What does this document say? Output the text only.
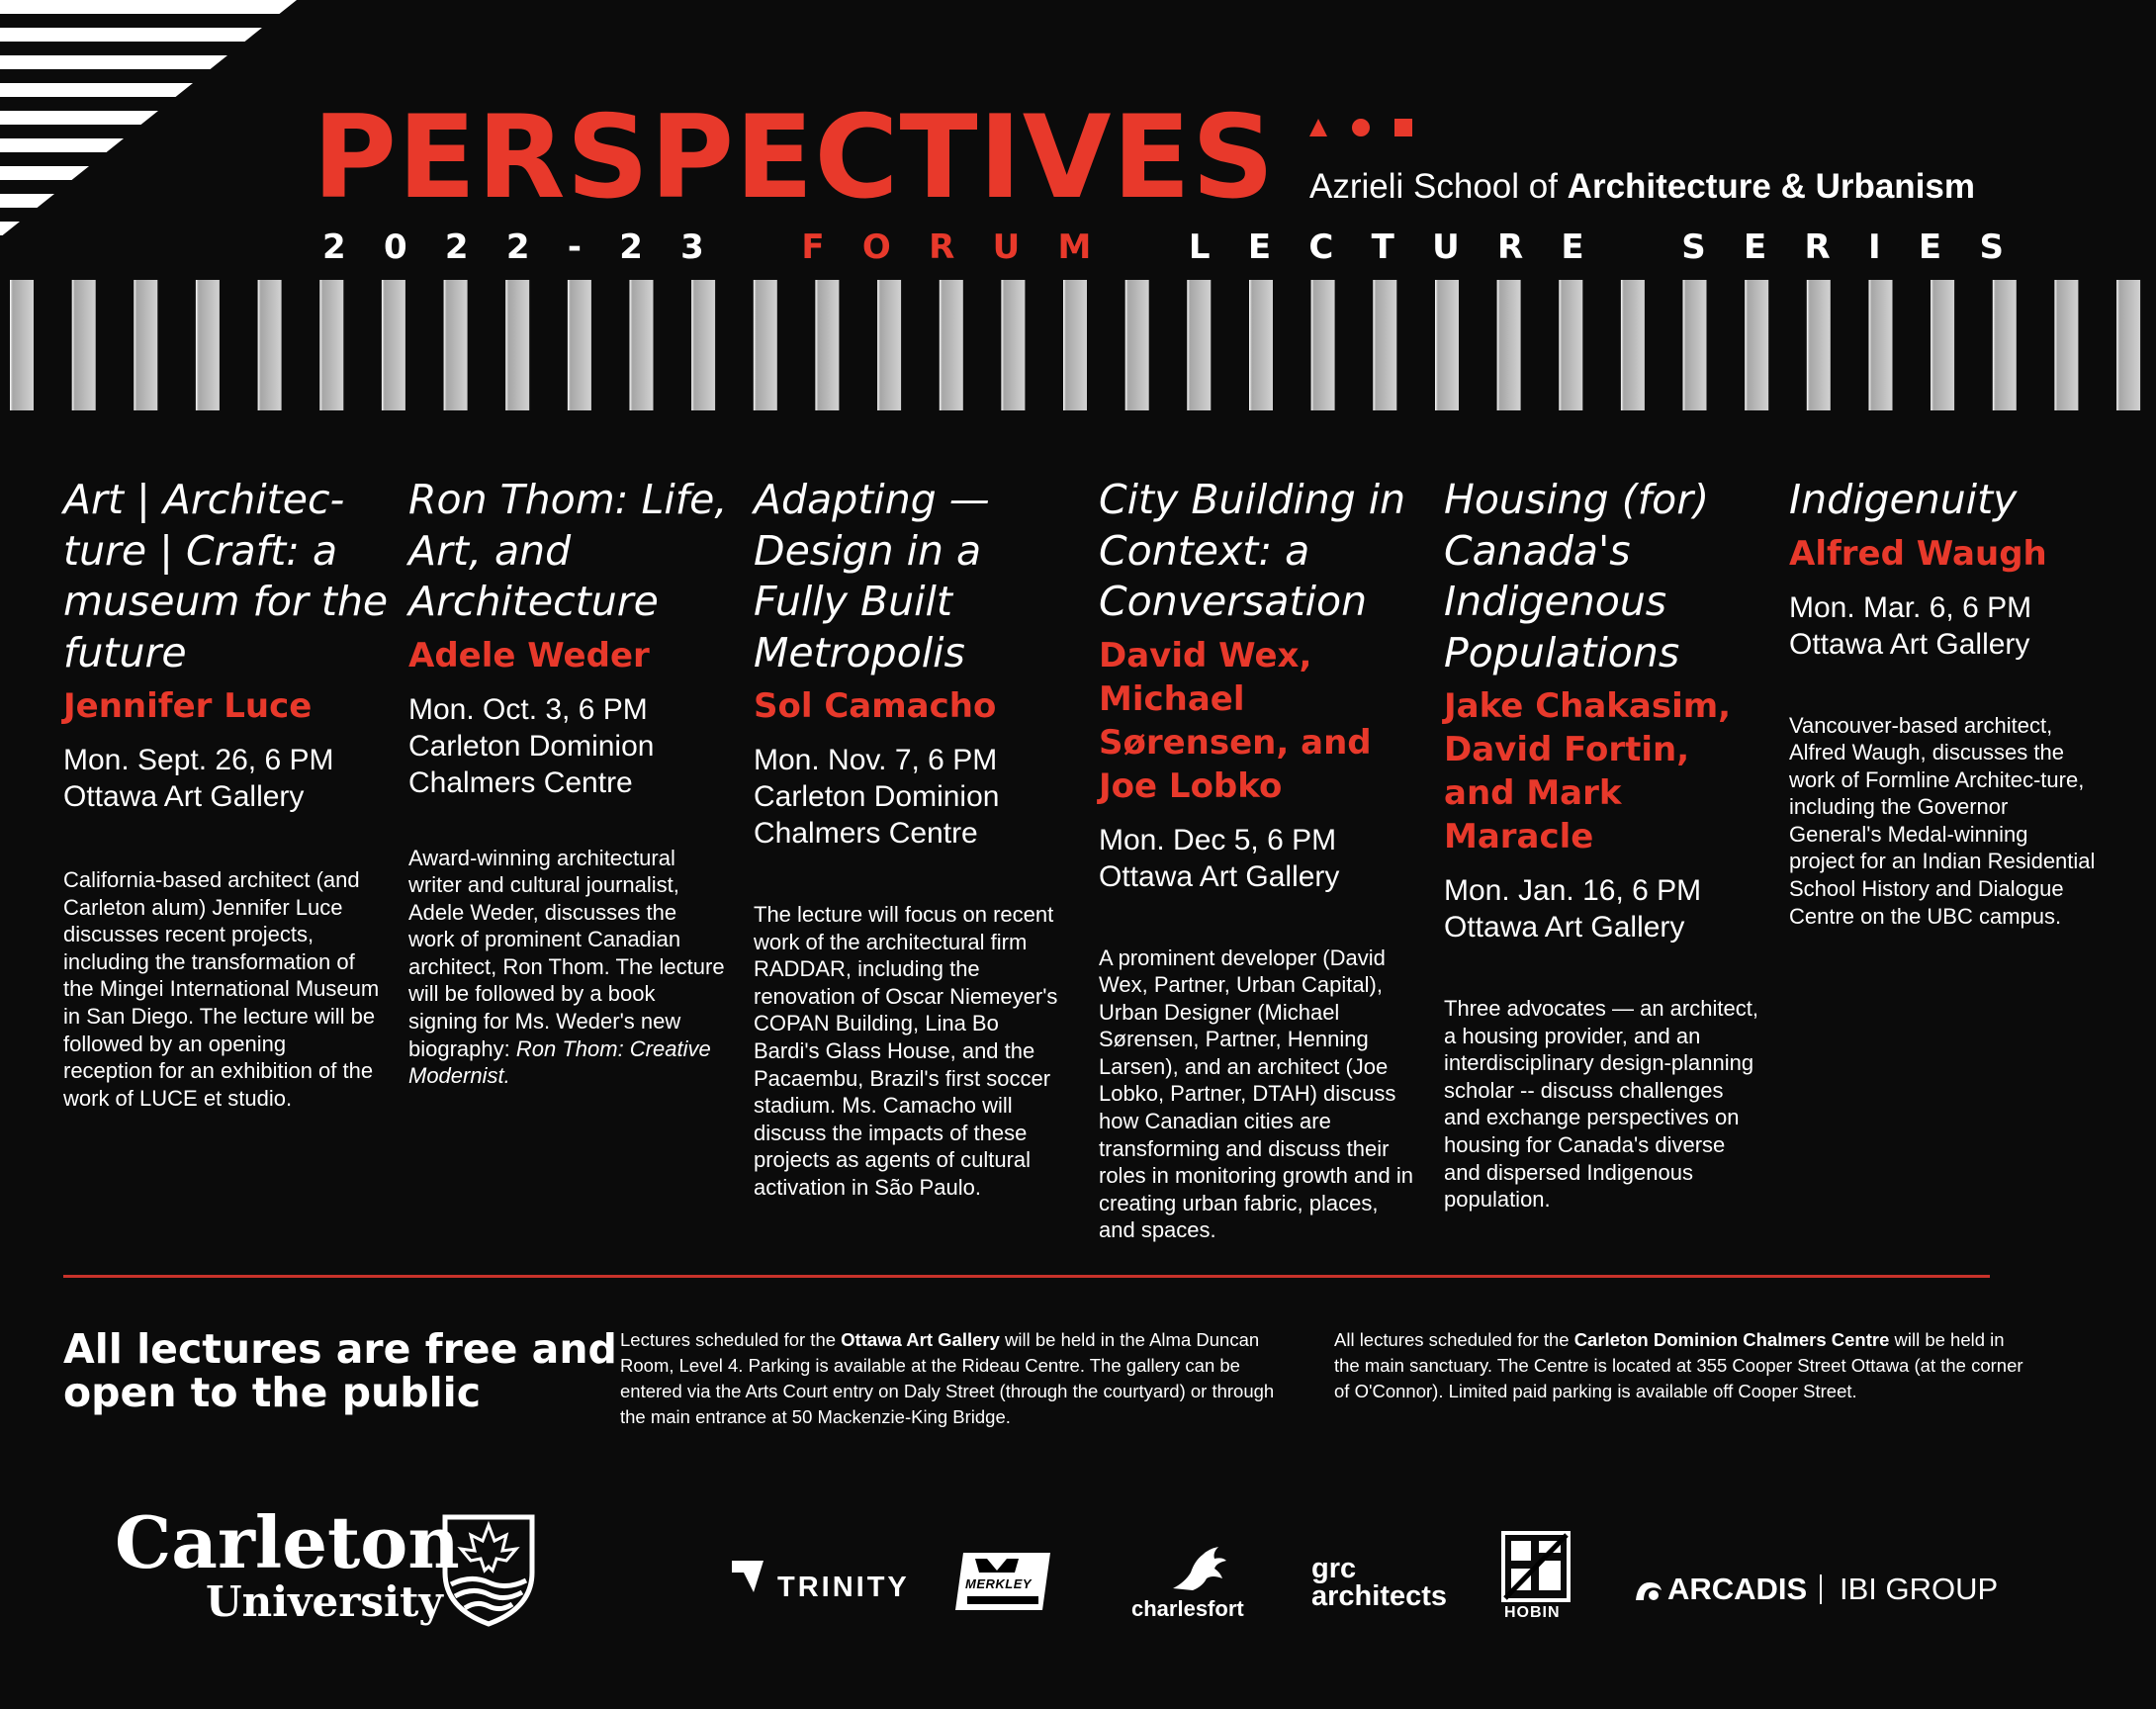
PERSPECTIVES Azrieli School of Architecture & Urbanism
2 0 2 2 - 2 3	F O R U M	L E C T U R E	S E R I E S

Art | Architec-ture | Craft: a museum for the future

Jennifer Luce

Mon. Sept. 26, 6 PM

Ottawa Art Gallery

California-based architect (and Carleton alum) Jennifer Luce discusses recent projects, including the transformation of the Mingei International Museum in San Diego. The lecture will be followed by an opening reception for an exhibition of the work of LUCE et studio.

Ron Thom: Life, Art, and Architecture

Adele Weder

Mon. Oct. 3, 6 PM

Carleton Dominion Chalmers Centre

Award-winning architectural writer and cultural journalist, Adele Weder, discusses the work of prominent Canadian architect, Ron Thom. The lecture will be followed by a book signing for Ms. Weder's new biography: Ron Thom: Creative Modernist.

Adapting — Design in a Fully Built Metropolis

Sol Camacho

Mon. Nov. 7, 6 PM

Carleton Dominion Chalmers Centre

The lecture will focus on recent work of the architectural firm RADDAR, including the renovation of Oscar Niemeyer's COPAN Building, Lina Bo Bardi's Glass House, and the Pacaembu, Brazil's first soccer stadium. Ms. Camacho will discuss the impacts of these projects as agents of cultural activation in São Paulo.

City Building in Context: a Conversation

David Wex, Michael Sørensen, and Joe Lobko

Mon. Dec 5, 6 PM

Ottawa Art Gallery

A prominent developer (David Wex, Partner, Urban Capital), Urban Designer (Michael Sørensen, Partner, Henning Larsen), and an architect (Joe Lobko, Partner, DTAH) discuss how Canadian cities are transforming and discuss their roles in monitoring growth and in creating urban fabric, places, and spaces.

Housing (for) Canada's Indigenous Populations

Jake Chakasim, David Fortin, and Mark Maracle

Mon. Jan. 16, 6 PM

Ottawa Art Gallery

Three advocates — an architect, a housing provider, and an interdisciplinary design-planning scholar -- discuss challenges and exchange perspectives on housing for Canada's diverse and dispersed Indigenous population.

Indigenuity

Alfred Waugh

Mon. Mar. 6, 6 PM

Ottawa Art Gallery

Vancouver-based architect, Alfred Waugh, discusses the work of Formline Architec-ture, including the Governor General's Medal-winning project for an Indian Residential School History and Dialogue Centre on the UBC campus.

All lectures are free and open to the public
Lectures scheduled for the Ottawa Art Gallery will be held in the Alma Duncan Room, Level 4. Parking is available at the Rideau Centre. The gallery can be entered via the Arts Court entry on Daly Street (through the courtyard) or through the main entrance at 50 Mackenzie-King Bridge.
All lectures scheduled for the Carleton Dominion Chalmers Centre will be held in the main sanctuary. The Centre is located at 355 Cooper Street Ottawa (at the corner of O'Connor). Limited paid parking is available off Cooper Street.
Carleton
University	TRINITY	MERKLEY
charlesfort
grc
architects
HOBIN
ARCADIS IBI GROUP
